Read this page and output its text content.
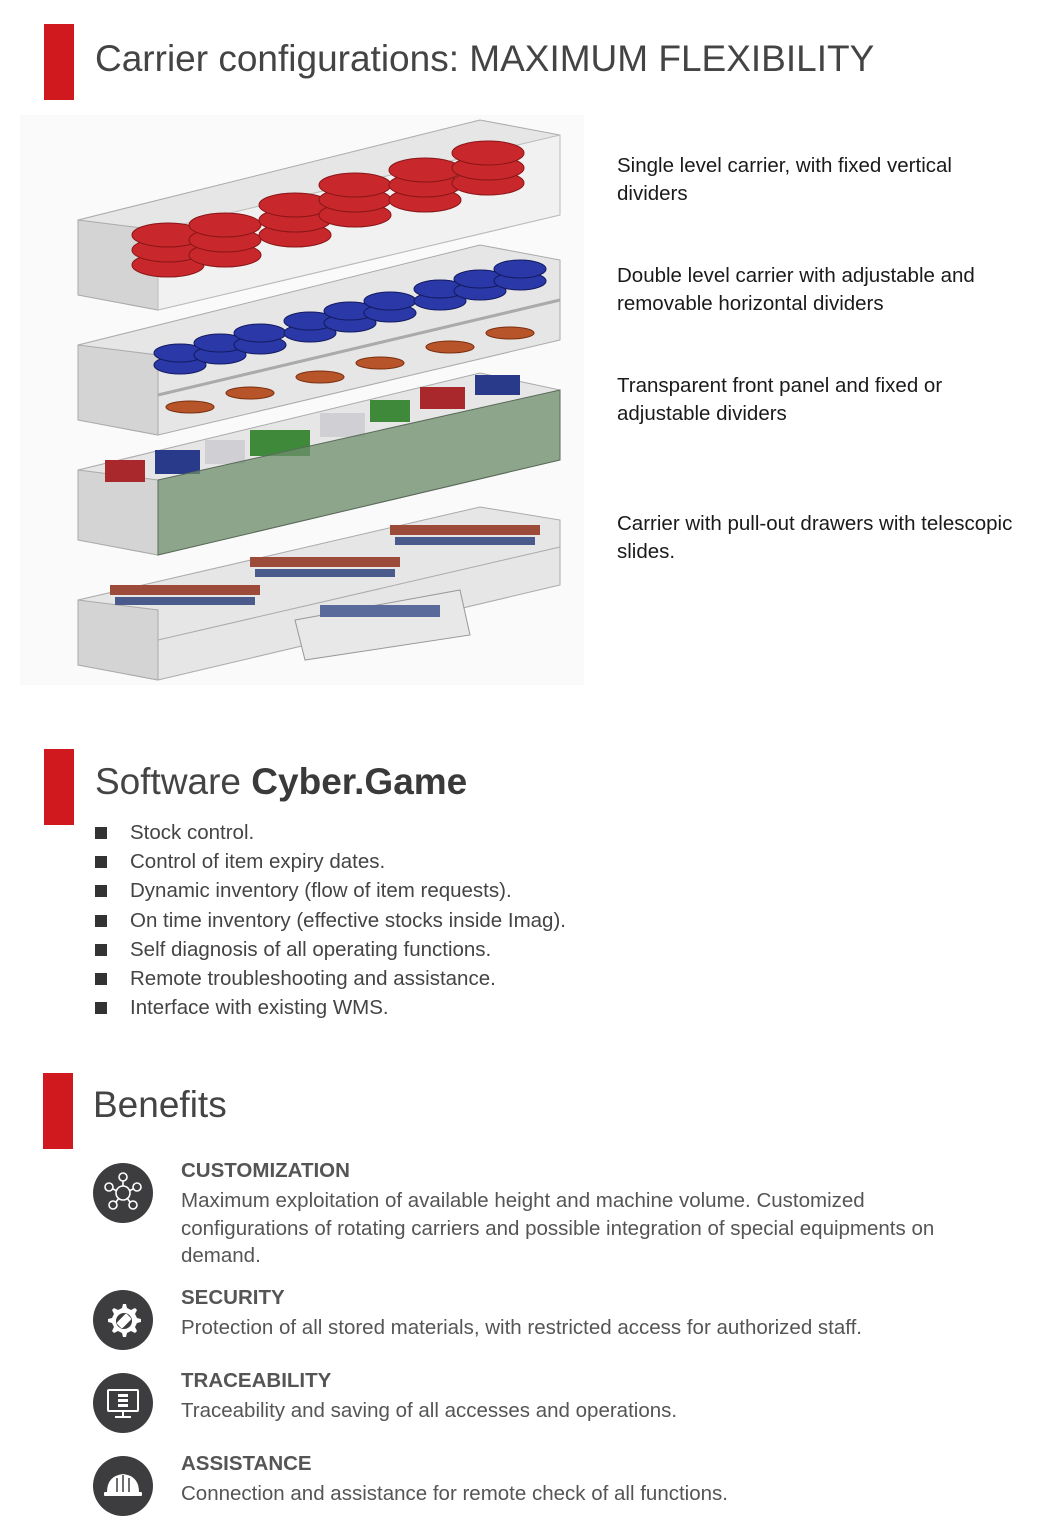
Carrier configurations: MAXIMUM FLEXIBILITY
Single level carrier, with fixed vertical dividers
Double level carrier with adjustable and removable horizontal dividers
Transparent front panel and fixed or adjustable dividers
Carrier with pull-out drawers with telescopic slides.
Software Cyber.Game
Stock control.
Control of item expiry dates.
Dynamic inventory (flow of item requests).
On time inventory (effective stocks inside Imag).
Self diagnosis of all operating functions.
Remote troubleshooting and assistance.
Interface with existing WMS.
Benefits
CUSTOMIZATION
Maximum exploitation of available height and machine volume. Customized configurations of rotating carriers and possible integration of special equipments on demand.
SECURITY
Protection of all stored materials, with restricted access for authorized staff.
TRACEABILITY
Traceability and saving of all accesses and operations.
ASSISTANCE
Connection and assistance for remote check of all functions.
